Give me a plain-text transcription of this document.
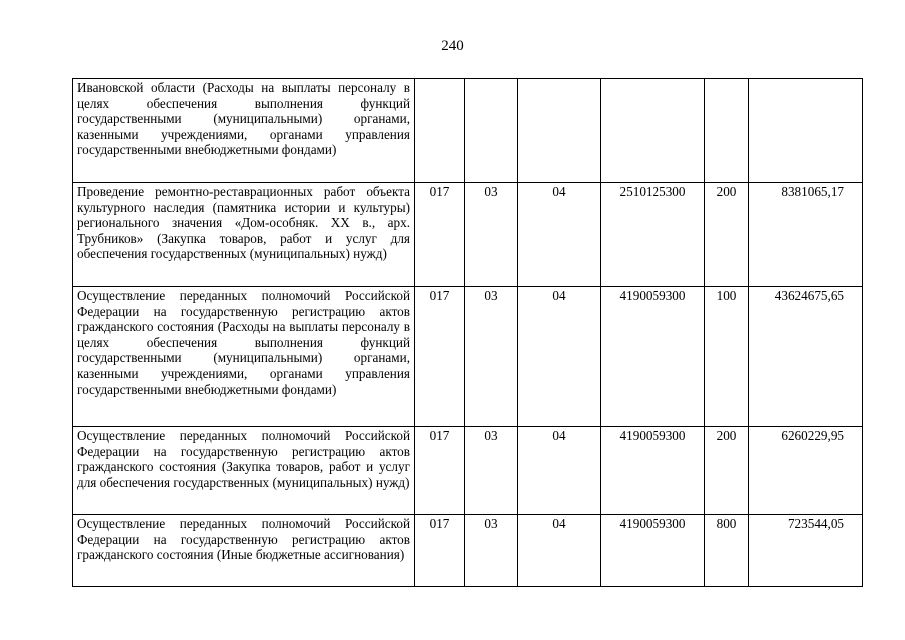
240
Ивановской области (Расходы на выплаты персоналу в целях обеспечения выполнения функций государственными (муниципальными) органами, казенными учреждениями, органами управления государственными внебюджетными фондами)						
Проведение ремонтно-реставрационных работ объекта культурного наследия (памятника истории и культуры) регионального значения «Дом-особняк. XX в., арх. Трубников» (Закупка товаров, работ и услуг для обеспечения государственных (муниципальных) нужд)	017	03	04	2510125300	200	8381065,17
Осуществление переданных полномочий Российской Федерации на государственную регистрацию актов гражданского состояния (Расходы на выплаты персоналу в целях обеспечения выполнения функций государственными (муниципальными) органами, казенными учреждениями, органами управления государственными внебюджетными фондами)	017	03	04	4190059300	100	43624675,65
Осуществление переданных полномочий Российской Федерации на государственную регистрацию актов гражданского состояния (Закупка товаров, работ и услуг для обеспечения государственных (муниципальных) нужд)	017	03	04	4190059300	200	6260229,95
Осуществление переданных полномочий Российской Федерации на государственную регистрацию актов гражданского состояния (Иные бюджетные ассигнования)	017	03	04	4190059300	800	723544,05
